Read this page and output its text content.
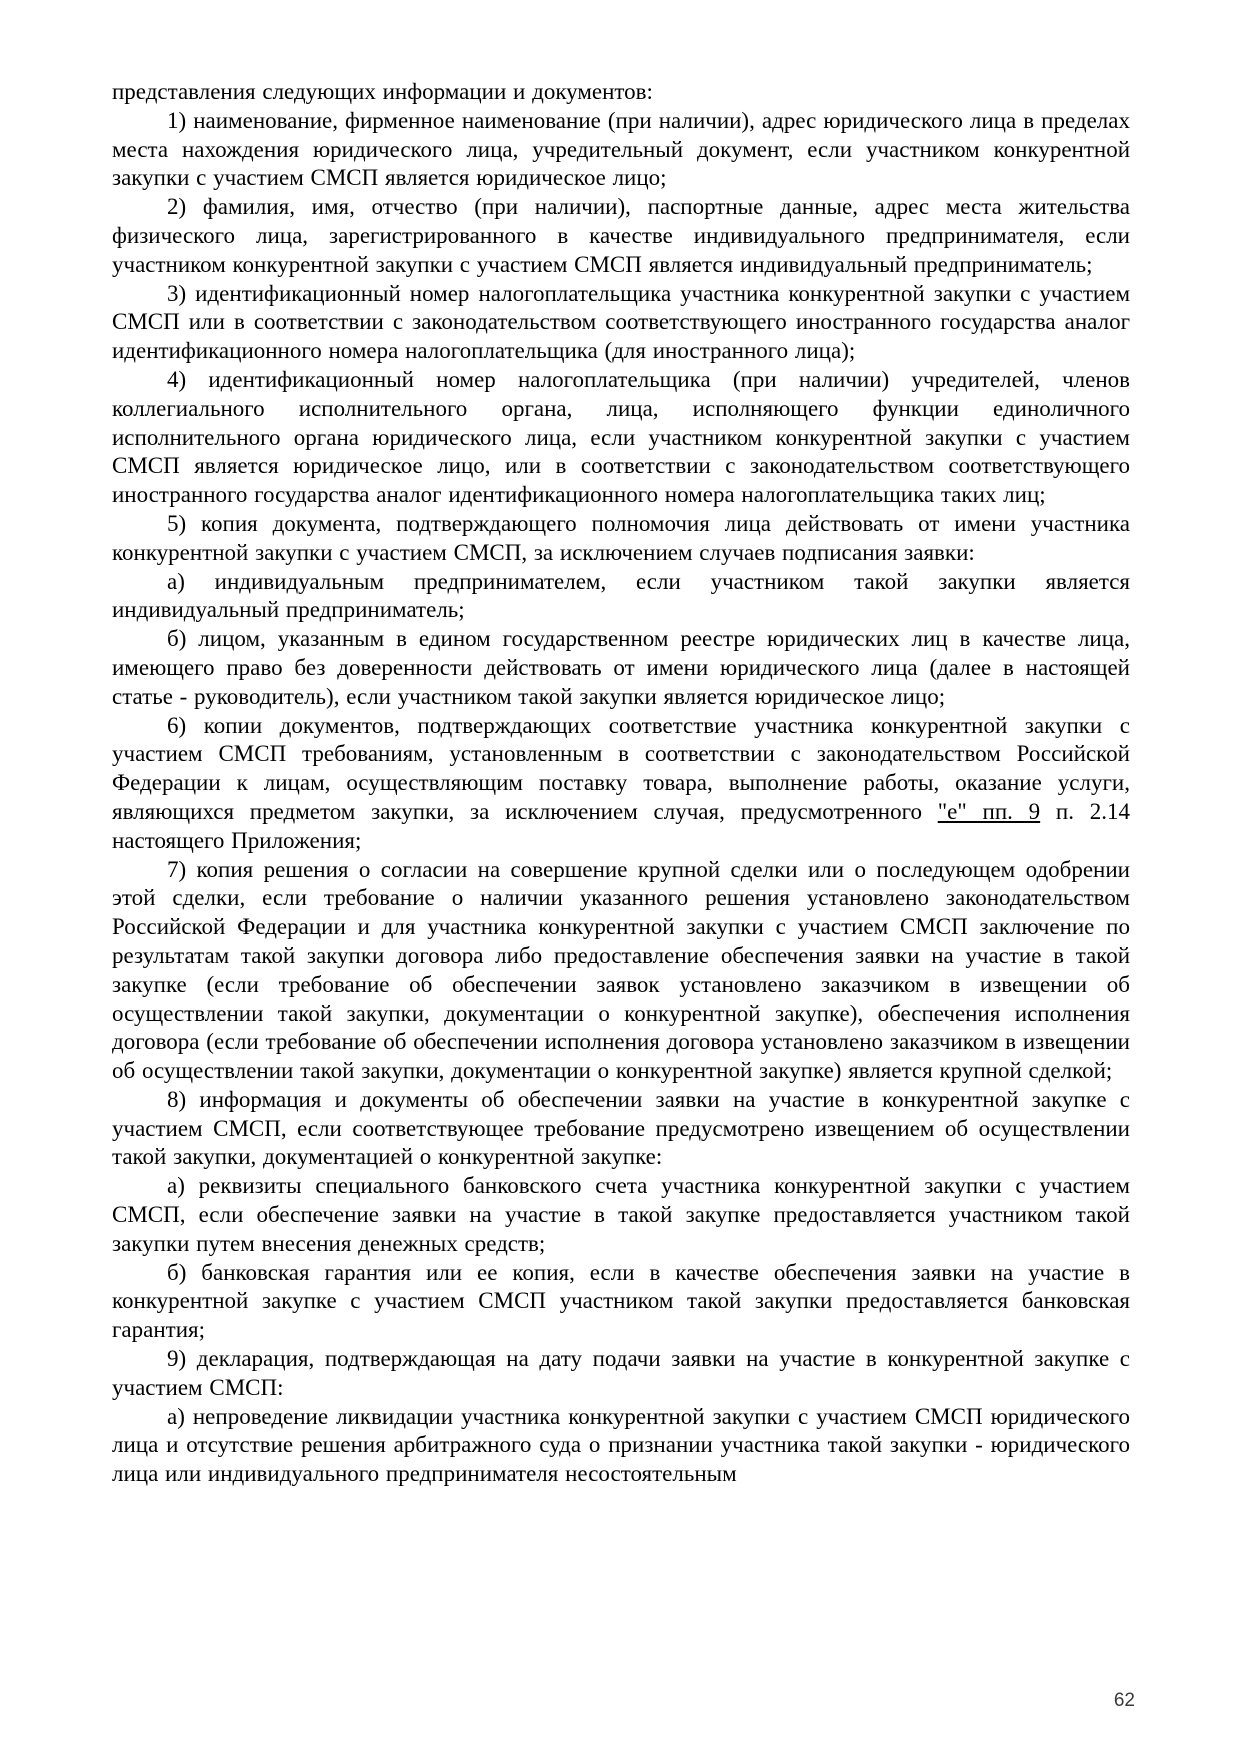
представления следующих информации и документов:

1) наименование, фирменное наименование (при наличии), адрес юридического лица в пределах места нахождения юридического лица, учредительный документ, если участником конкурентной закупки с участием СМСП является юридическое лицо;

2) фамилия, имя, отчество (при наличии), паспортные данные, адрес места жительства физического лица, зарегистрированного в качестве индивидуального предпринимателя, если участником конкурентной закупки с участием СМСП является индивидуальный предприниматель;

3) идентификационный номер налогоплательщика участника конкурентной закупки с участием СМСП или в соответствии с законодательством соответствующего иностранного государства аналог идентификационного номера налогоплательщика (для иностранного лица);

4) идентификационный номер налогоплательщика (при наличии) учредителей, членов коллегиального исполнительного органа, лица, исполняющего функции единоличного исполнительного органа юридического лица, если участником конкурентной закупки с участием СМСП является юридическое лицо, или в соответствии с законодательством соответствующего иностранного государства аналог идентификационного номера налогоплательщика таких лиц;

5) копия документа, подтверждающего полномочия лица действовать от имени участника конкурентной закупки с участием СМСП, за исключением случаев подписания заявки:

а) индивидуальным предпринимателем, если участником такой закупки является индивидуальный предприниматель;

б) лицом, указанным в едином государственном реестре юридических лиц в качестве лица, имеющего право без доверенности действовать от имени юридического лица (далее в настоящей статье - руководитель), если участником такой закупки является юридическое лицо;

6) копии документов, подтверждающих соответствие участника конкурентной закупки с участием СМСП требованиям, установленным в соответствии с законодательством Российской Федерации к лицам, осуществляющим поставку товара, выполнение работы, оказание услуги, являющихся предметом закупки, за исключением случая, предусмотренного "е" пп. 9 п. 2.14 настоящего Приложения;

7) копия решения о согласии на совершение крупной сделки или о последующем одобрении этой сделки, если требование о наличии указанного решения установлено законодательством Российской Федерации и для участника конкурентной закупки с участием СМСП заключение по результатам такой закупки договора либо предоставление обеспечения заявки на участие в такой закупке (если требование об обеспечении заявок установлено заказчиком в извещении об осуществлении такой закупки, документации о конкурентной закупке), обеспечения исполнения договора (если требование об обеспечении исполнения договора установлено заказчиком в извещении об осуществлении такой закупки, документации о конкурентной закупке) является крупной сделкой;

8) информация и документы об обеспечении заявки на участие в конкурентной закупке с участием СМСП, если соответствующее требование предусмотрено извещением об осуществлении такой закупки, документацией о конкурентной закупке:

а) реквизиты специального банковского счета участника конкурентной закупки с участием СМСП, если обеспечение заявки на участие в такой закупке предоставляется участником такой закупки путем внесения денежных средств;

б) банковская гарантия или ее копия, если в качестве обеспечения заявки на участие в конкурентной закупке с участием СМСП участником такой закупки предоставляется банковская гарантия;

9) декларация, подтверждающая на дату подачи заявки на участие в конкурентной закупке с участием СМСП:

а) непроведение ликвидации участника конкурентной закупки с участием СМСП юридического лица и отсутствие решения арбитражного суда о признании участника такой закупки - юридического лица или индивидуального предпринимателя несостоятельным

62
